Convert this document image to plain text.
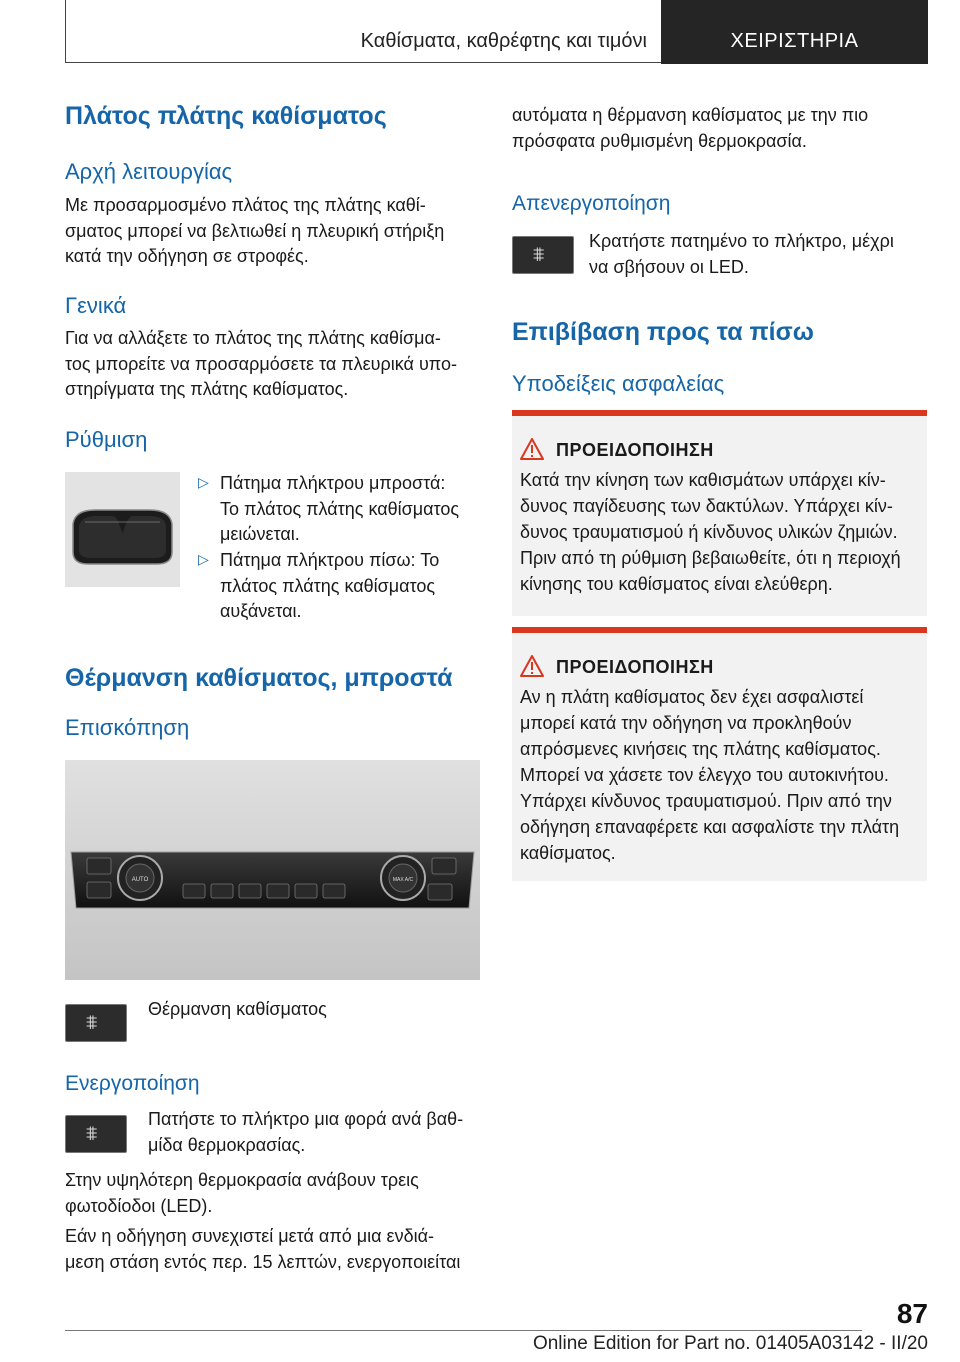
Καθίσματα, καθρέφτης και τιμόνι	ΧΕΙΡΙΣΤΗΡΙΑ
Πλάτος πλάτης καθίσματος
Αρχή λειτουργίας

Με προσαρμοσμένο πλάτος της πλάτης καθί-

σματος μπορεί να βελτιωθεί η πλευρική στήριξη

κατά την οδήγηση σε στροφές.

Γενικά

Για να αλλάξετε το πλάτος της πλάτης καθίσμα-

τος μπορείτε να προσαρμόσετε τα πλευρικά υπο-

στηρίγματα της πλάτης καθίσματος.

Ρύθμιση
▷ Πάτημα πλήκτρου μπροστά:

Το πλάτος πλάτης καθίσματος

μειώνεται.

▷ Πάτημα πλήκτρου πίσω: Το

πλάτος πλάτης καθίσματος

αυξάνεται.

Θέρμανση καθίσματος, μπροστά
Επισκόπηση
AUTO	MAX A/C
⩨

Θέρμανση καθίσματος

Ενεργοποίηση
⩨

Πατήστε το πλήκτρο μια φορά ανά βαθ-

μίδα θερμοκρασίας.

Στην υψηλότερη θερμοκρασία ανάβουν τρεις

φωτοδίοδοι (LED).

Εάν η οδήγηση συνεχιστεί μετά από μια ενδιά-

μεση στάση εντός περ. 15 λεπτών, ενεργοποιείται

αυτόματα η θέρμανση καθίσματος με την πιο

πρόσφατα ρυθμισμένη θερμοκρασία.

Απενεργοποίηση
⩨

Κρατήστε πατημένο το πλήκτρο, μέχρι

να σβήσουν οι LED.

Επιβίβαση προς τα πίσω
Υποδείξεις ασφαλείας
ΠΡΟΕΙΔΟΠΟΙΗΣΗ

Κατά την κίνηση των καθισμάτων υπάρχει κίν-

δυνος παγίδευσης των δακτύλων. Υπάρχει κίν-

δυνος τραυματισμού ή κίνδυνος υλικών ζημιών.

Πριν από τη ρύθμιση βεβαιωθείτε, ότι η περιοχή

κίνησης του καθίσματος είναι ελεύθερη.

ΠΡΟΕΙΔΟΠΟΙΗΣΗ

Αν η πλάτη καθίσματος δεν έχει ασφαλιστεί

μπορεί κατά την οδήγηση να προκληθούν

απρόσμενες κινήσεις της πλάτης καθίσματος.

Μπορεί να χάσετε τον έλεγχο του αυτοκινήτου.

Υπάρχει κίνδυνος τραυματισμού. Πριν από την

οδήγηση επαναφέρετε και ασφαλίστε την πλάτη

καθίσματος.

87
Online Edition for Part no. 01405A03142 - II/20
